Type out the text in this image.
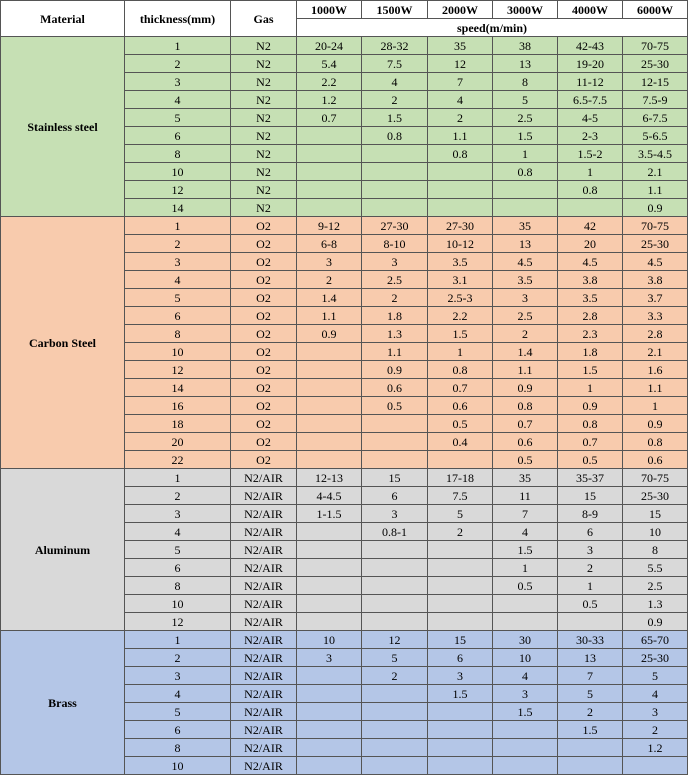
Material	thickness(mm)	Gas	1000W	1500W	2000W	3000W	4000W	6000W
			speed(m/min)					
Stainless steel	1	N2	20-24	28-32	35	38	42-43	70-75
	2	N2	5.4	7.5	12	13	19-20	25-30
	3	N2	2.2	4	7	8	11-12	12-15
	4	N2	1.2	2	4	5	6.5-7.5	7.5-9
	5	N2	0.7	1.5	2	2.5	4-5	6-7.5
	6	N2		0.8	1.1	1.5	2-3	5-6.5
	8	N2			0.8	1	1.5-2	3.5-4.5
	10	N2				0.8	1	2.1
	12	N2					0.8	1.1
	14	N2						0.9
Carbon Steel	1	O2	9-12	27-30	27-30	35	42	70-75
	2	O2	6-8	8-10	10-12	13	20	25-30
	3	O2	3	3	3.5	4.5	4.5	4.5
	4	O2	2	2.5	3.1	3.5	3.8	3.8
	5	O2	1.4	2	2.5-3	3	3.5	3.7
	6	O2	1.1	1.8	2.2	2.5	2.8	3.3
	8	O2	0.9	1.3	1.5	2	2.3	2.8
	10	O2		1.1	1	1.4	1.8	2.1
	12	O2		0.9	0.8	1.1	1.5	1.6
	14	O2		0.6	0.7	0.9	1	1.1
	16	O2		0.5	0.6	0.8	0.9	1
	18	O2			0.5	0.7	0.8	0.9
	20	O2			0.4	0.6	0.7	0.8
	22	O2				0.5	0.5	0.6
Aluminum	1	N2/AIR	12-13	15	17-18	35	35-37	70-75
	2	N2/AIR	4-4.5	6	7.5	11	15	25-30
	3	N2/AIR	1-1.5	3	5	7	8-9	15
	4	N2/AIR		0.8-1	2	4	6	10
	5	N2/AIR				1.5	3	8
	6	N2/AIR				1	2	5.5
	8	N2/AIR				0.5	1	2.5
	10	N2/AIR					0.5	1.3
	12	N2/AIR						0.9
Brass	1	N2/AIR	10	12	15	30	30-33	65-70
	2	N2/AIR	3	5	6	10	13	25-30
	3	N2/AIR		2	3	4	7	5
	4	N2/AIR			1.5	3	5	4
	5	N2/AIR				1.5	2	3
	6	N2/AIR					1.5	2
	8	N2/AIR						1.2
	10	N2/AIR						
